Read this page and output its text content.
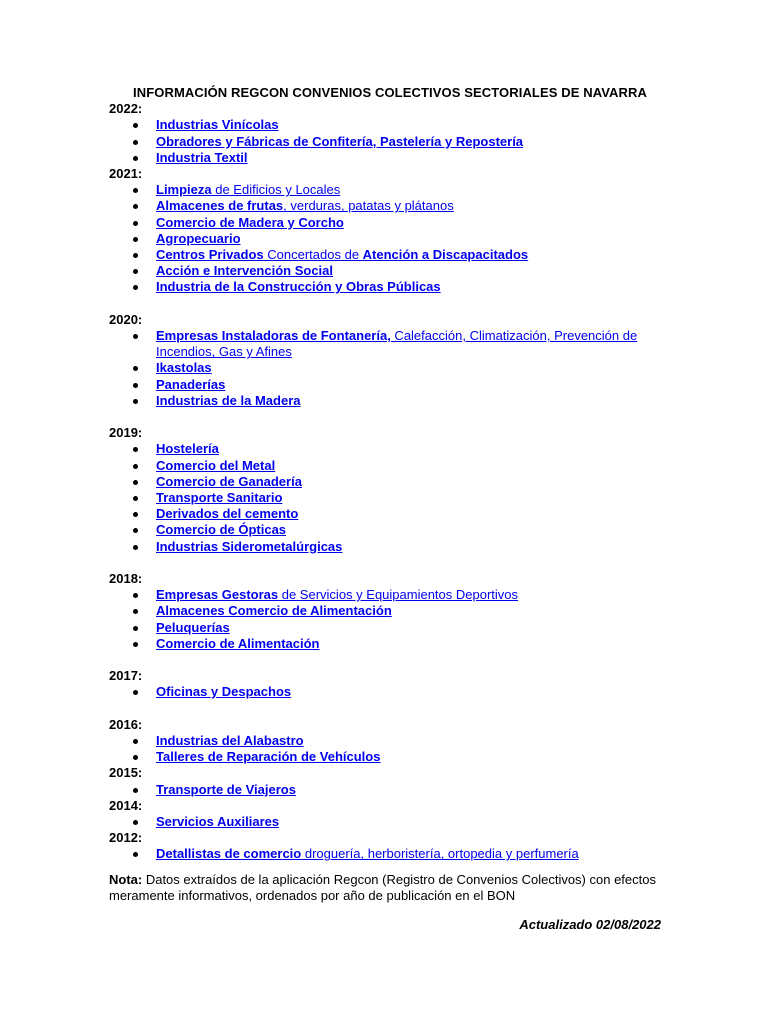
INFORMACIÓN REGCON CONVENIOS COLECTIVOS SECTORIALES DE NAVARRA

2022:

Industrias Vinícolas
Obradores y Fábricas de Confitería, Pastelería y Repostería
Industria Textil

2021:

Limpieza de Edificios y Locales
Almacenes de frutas, verduras, patatas y plátanos
Comercio de Madera y Corcho
Agropecuario
Centros Privados Concertados de Atención a Discapacitados
Acción e Intervención Social
Industria de la Construcción y Obras Públicas

2020:

Empresas Instaladoras de Fontanería, Calefacción, Climatización, Prevención de Incendios, Gas y Afines
Ikastolas
Panaderías
Industrias de la Madera

2019:

Hostelería
Comercio del Metal
Comercio de Ganadería
Transporte Sanitario
Derivados del cemento
Comercio de Ópticas
Industrias Siderometalúrgicas

2018:

Empresas Gestoras de Servicios y Equipamientos Deportivos
Almacenes Comercio de Alimentación
Peluquerías
Comercio de Alimentación

2017:

Oficinas y Despachos

2016:

Industrias del Alabastro
Talleres de Reparación de Vehículos

2015:

Transporte de Viajeros

2014:

Servicios Auxiliares

2012:

Detallistas de comercio droguería, herboristería, ortopedia y perfumería

Nota: Datos extraídos de la aplicación Regcon (Registro de Convenios Colectivos) con efectos meramente informativos, ordenados por año de publicación en el BON

Actualizado 02/08/2022
